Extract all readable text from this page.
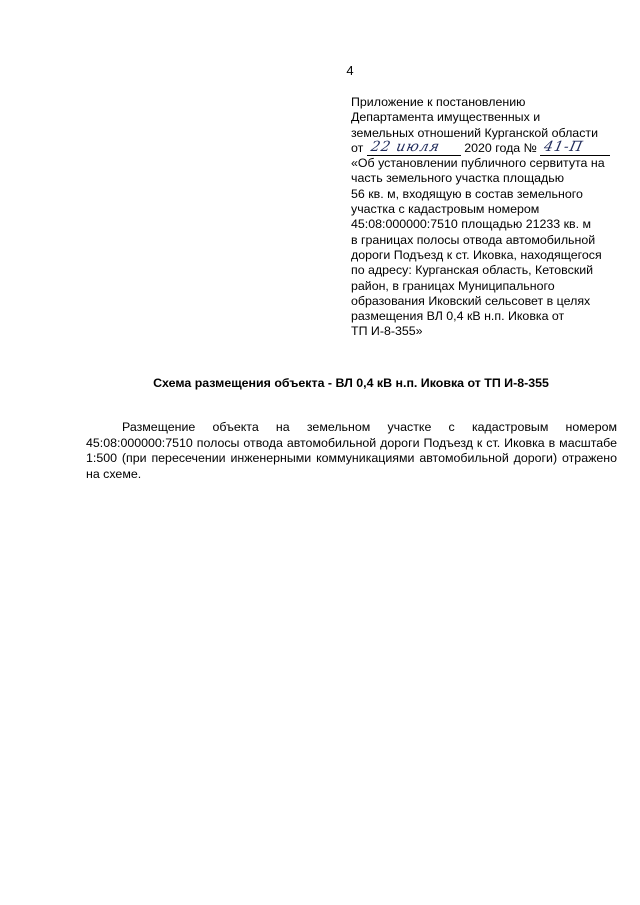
4
Приложение к постановлению
Департамента имущественных и
земельных отношений Курганской области
от 22 июля 2020 года № 41-П
«Об установлении публичного сервитута на
часть земельного участка площадью
56 кв. м, входящую в состав земельного
участка с кадастровым номером
45:08:000000:7510 площадью 21233 кв. м
в границах полосы отвода автомобильной
дороги Подъезд к ст. Иковка, находящегося
по адресу: Курганская область, Кетовский
район, в границах Муниципального
образования Иковский сельсовет в целях
размещения ВЛ 0,4 кВ н.п. Иковка от
ТП И-8-355»
Схема размещения объекта - ВЛ 0,4 кВ н.п. Иковка от ТП И-8-355

Размещение объекта на земельном участке с кадастровым номером 45:08:000000:7510 полосы отвода автомобильной дороги Подъезд к ст. Иковка в масштабе 1:500 (при пересечении инженерными коммуникациями автомобильной дороги) отражено на схеме.
